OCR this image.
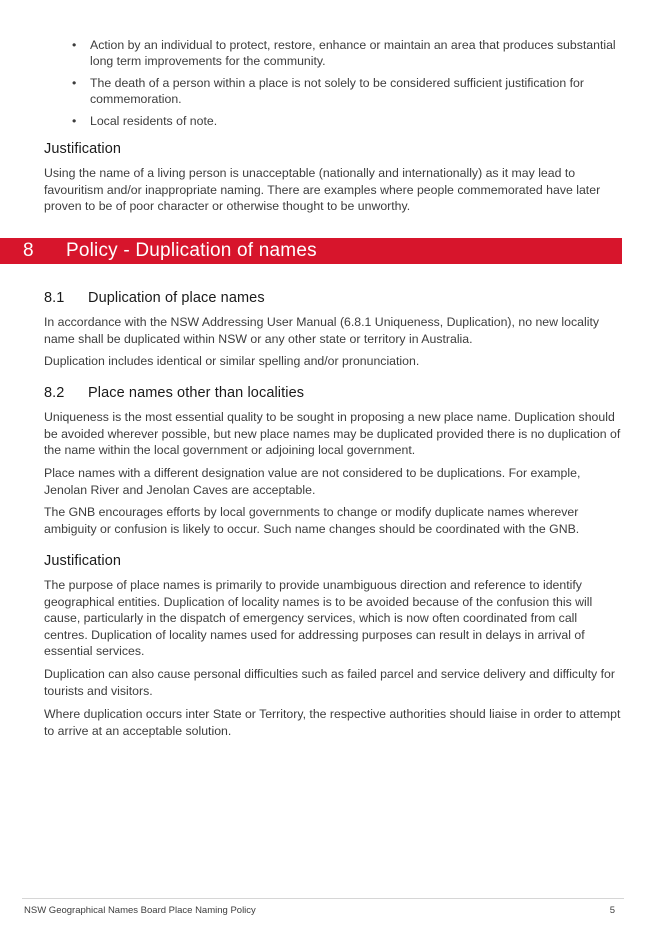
• Action by an individual to protect, restore, enhance or maintain an area that produces substantial long term improvements for the community.
• The death of a person within a place is not solely to be considered sufficient justification for commemoration.
• Local residents of note.
Justification

Using the name of a living person is unacceptable (nationally and internationally) as it may lead to favouritism and/or inappropriate naming. There are examples where people commemorated have later proven to be of poor character or otherwise thought to be unworthy.

8 Policy - Duplication of names
8.1 Duplication of place names

In accordance with the NSW Addressing User Manual (6.8.1 Uniqueness, Duplication), no new locality name shall be duplicated within NSW or any other state or territory in Australia.

Duplication includes identical or similar spelling and/or pronunciation.

8.2 Place names other than localities

Uniqueness is the most essential quality to be sought in proposing a new place name. Duplication should be avoided wherever possible, but new place names may be duplicated provided there is no duplication of the name within the local government or adjoining local government.

Place names with a different designation value are not considered to be duplications. For example, Jenolan River and Jenolan Caves are acceptable.

The GNB encourages efforts by local governments to change or modify duplicate names wherever ambiguity or confusion is likely to occur. Such name changes should be coordinated with the GNB.

Justification

The purpose of place names is primarily to provide unambiguous direction and reference to identify geographical entities. Duplication of locality names is to be avoided because of the confusion this will cause, particularly in the dispatch of emergency services, which is now often coordinated from call centres. Duplication of locality names used for addressing purposes can result in delays in arrival of essential services.

Duplication can also cause personal difficulties such as failed parcel and service delivery and difficulty for tourists and visitors.

Where duplication occurs inter State or Territory, the respective authorities should liaise in order to attempt to arrive at an acceptable solution.

NSW Geographical Names Board Place Naming Policy	5
